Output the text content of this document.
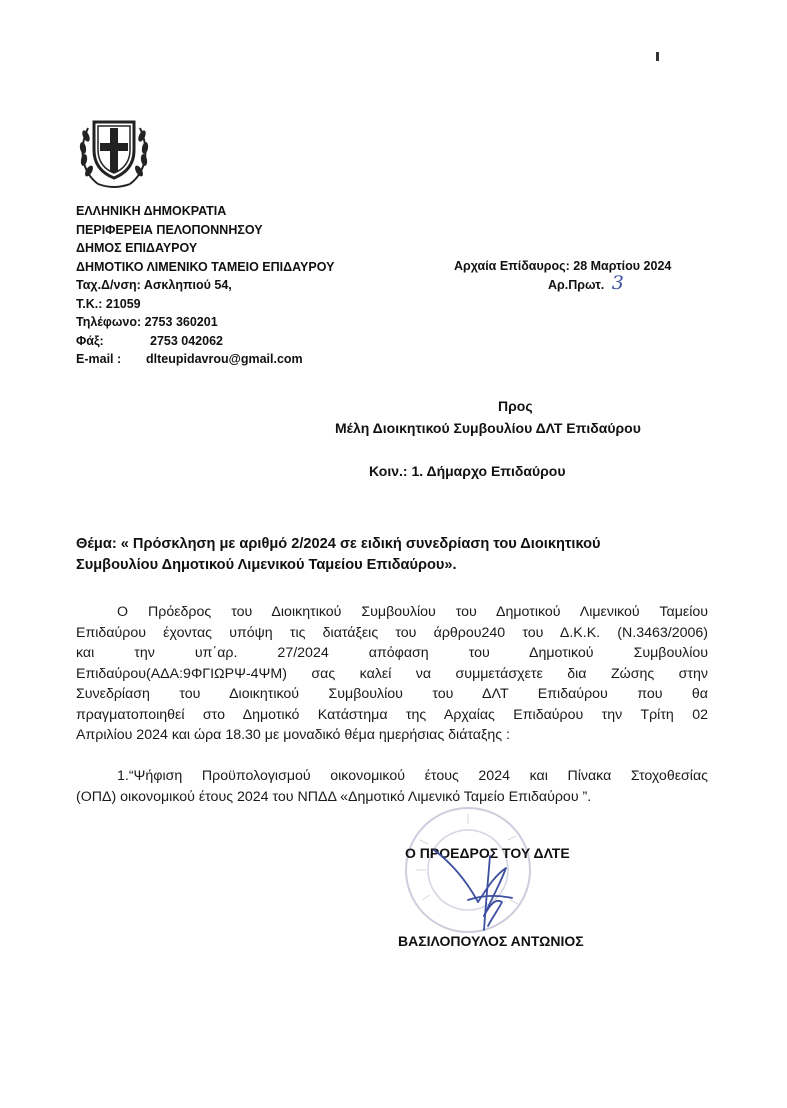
ΕΛΛΗΝΙΚΗ ΔΗΜΟΚΡΑΤΙΑ
ΠΕΡΙΦΕΡΕΙΑ ΠΕΛΟΠΟΝΝΗΣΟΥ
ΔΗΜΟΣ ΕΠΙΔΑΥΡΟΥ
ΔΗΜΟΤΙΚΟ ΛΙΜΕΝΙΚΟ ΤΑΜΕΙΟ ΕΠΙΔΑΥΡΟΥ
Ταχ.Δ/νση: Ασκληπιού 54,
Τ.Κ.: 21059
Τηλέφωνο: 2753 360201
Φάξ:	2753 042062
E-mail : dlteupidavrou@gmail.com
Αρχαία Επίδαυρος: 28 Μαρτίου 2024
Αρ.Πρωτ. 3
Προς
Μέλη Διοικητικού Συμβουλίου ΔΛΤ Επιδαύρου
Κοιν.: 1. Δήμαρχο Επιδαύρου
Θέμα: « Πρόσκληση με αριθμό 2/2024 σε ειδική συνεδρίαση του Διοικητικού
Συμβουλίου Δημοτικού Λιμενικού Ταμείου Επιδαύρου».
Ο Πρόεδρος του Διοικητικού Συμβουλίου του Δημοτικού Λιμενικού Ταμείου
Επιδαύρου έχοντας υπόψη τις διατάξεις του άρθρου240 του Δ.Κ.Κ. (Ν.3463/2006)
και την υπ΄αρ. 27/2024 απόφαση του Δημοτικού Συμβουλίου
Επιδαύρου(ΑΔΑ:9ΦΓΙΩΡΨ-4ΨΜ) σας καλεί να συμμετάσχετε δια Ζώσης στην
Συνεδρίαση του Διοικητικού Συμβουλίου του ΔΛΤ Επιδαύρου που θα
πραγματοποιηθεί στο Δημοτικό Κατάστημα της Αρχαίας Επιδαύρου την Τρίτη 02
Απριλίου 2024 και ώρα 18.30 με μοναδικό θέμα ημερήσιας διάταξης :
1.“Ψήφιση Προϋπολογισμού οικονομικού έτους 2024 και Πίνακα Στοχοθεσίας
(ΟΠΔ) οικονομικού έτους 2024 του ΝΠΔΔ «Δημοτικό Λιμενικό Ταμείο Επιδαύρου ”.
Ο ΠΡΟΕΔΡΟΣ ΤΟΥ ΔΛΤΕ
ΒΑΣΙΛΟΠΟΥΛΟΣ ΑΝΤΩΝΙΟΣ
